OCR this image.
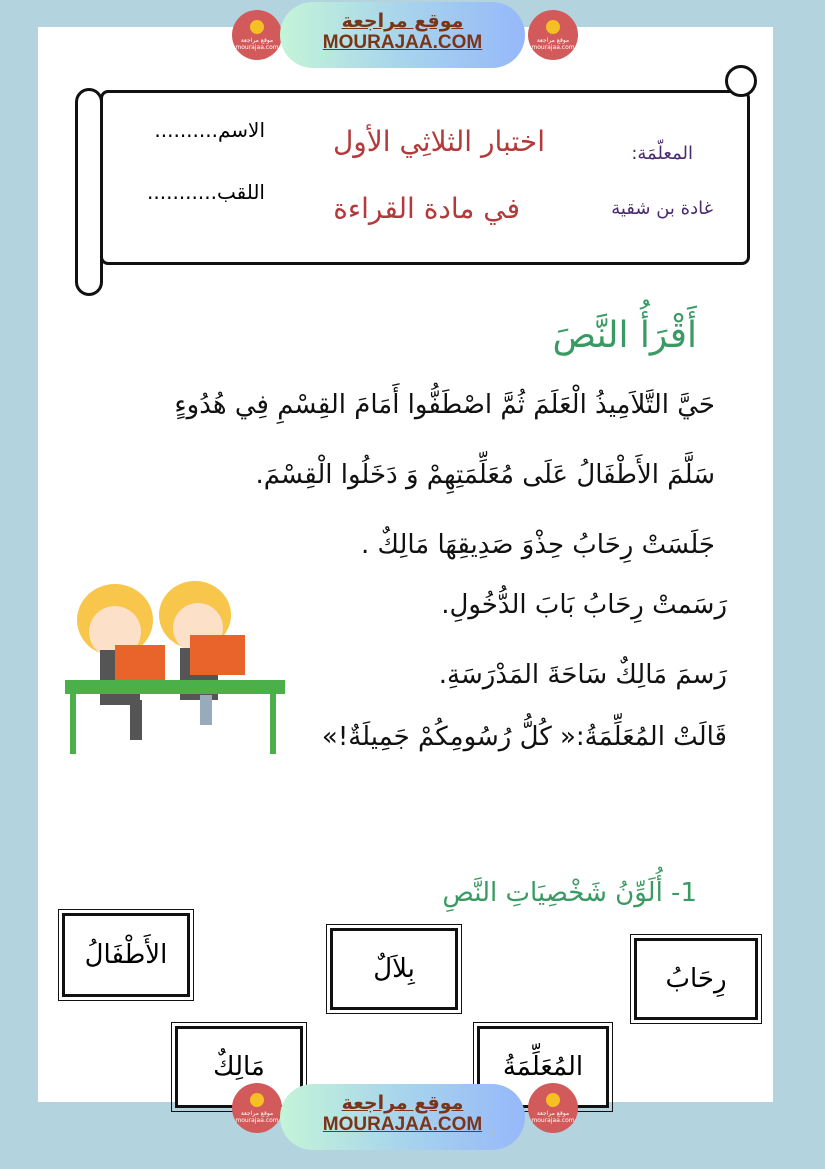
موقع مراجعة mourajaa.com
موقع مراجعة
MOURAJAA.COM	موقع مراجعة mourajaa.com
الاسم..........
اللقب...........
اختبار الثلاثِي الأول
في مادة القراءة
المعلّمَة:
غادة بن شقية
أَقْرَأُ النَّصَ
حَيَّ التَّلاَمِيذُ الْعَلَمَ ثُمَّ اصْطَفُّوا أَمَامَ القِسْمِ فِي هُدُوءٍ
سَلَّمَ الأَطْفَالُ عَلَى مُعَلِّمَتِهِمْ وَ دَخَلُوا الْقِسْمَ.
جَلَسَتْ رِحَابُ حِذْوَ صَدِيقِهَا مَالِكٌ .
رَسَمتْ رِحَابُ بَابَ الدُّخُولِ.
رَسمَ مَالِكٌ سَاحَةَ المَدْرَسَةِ.
قَالَتْ المُعَلِّمَةُ:« كُلُّ رُسُومِكُمْ جَمِيلَةٌ!»
1- أُلَوِّنُ شَخْصِيَاتِ النَّصِ
الأَطْفَالُ	بِلاَلٌ	رِحَابُ
مَالِكٌ	المُعَلِّمَةُ
موقع مراجعة mourajaa.com
موقع مراجعة
MOURAJAA.COM
موقع مراجعة mourajaa.com
